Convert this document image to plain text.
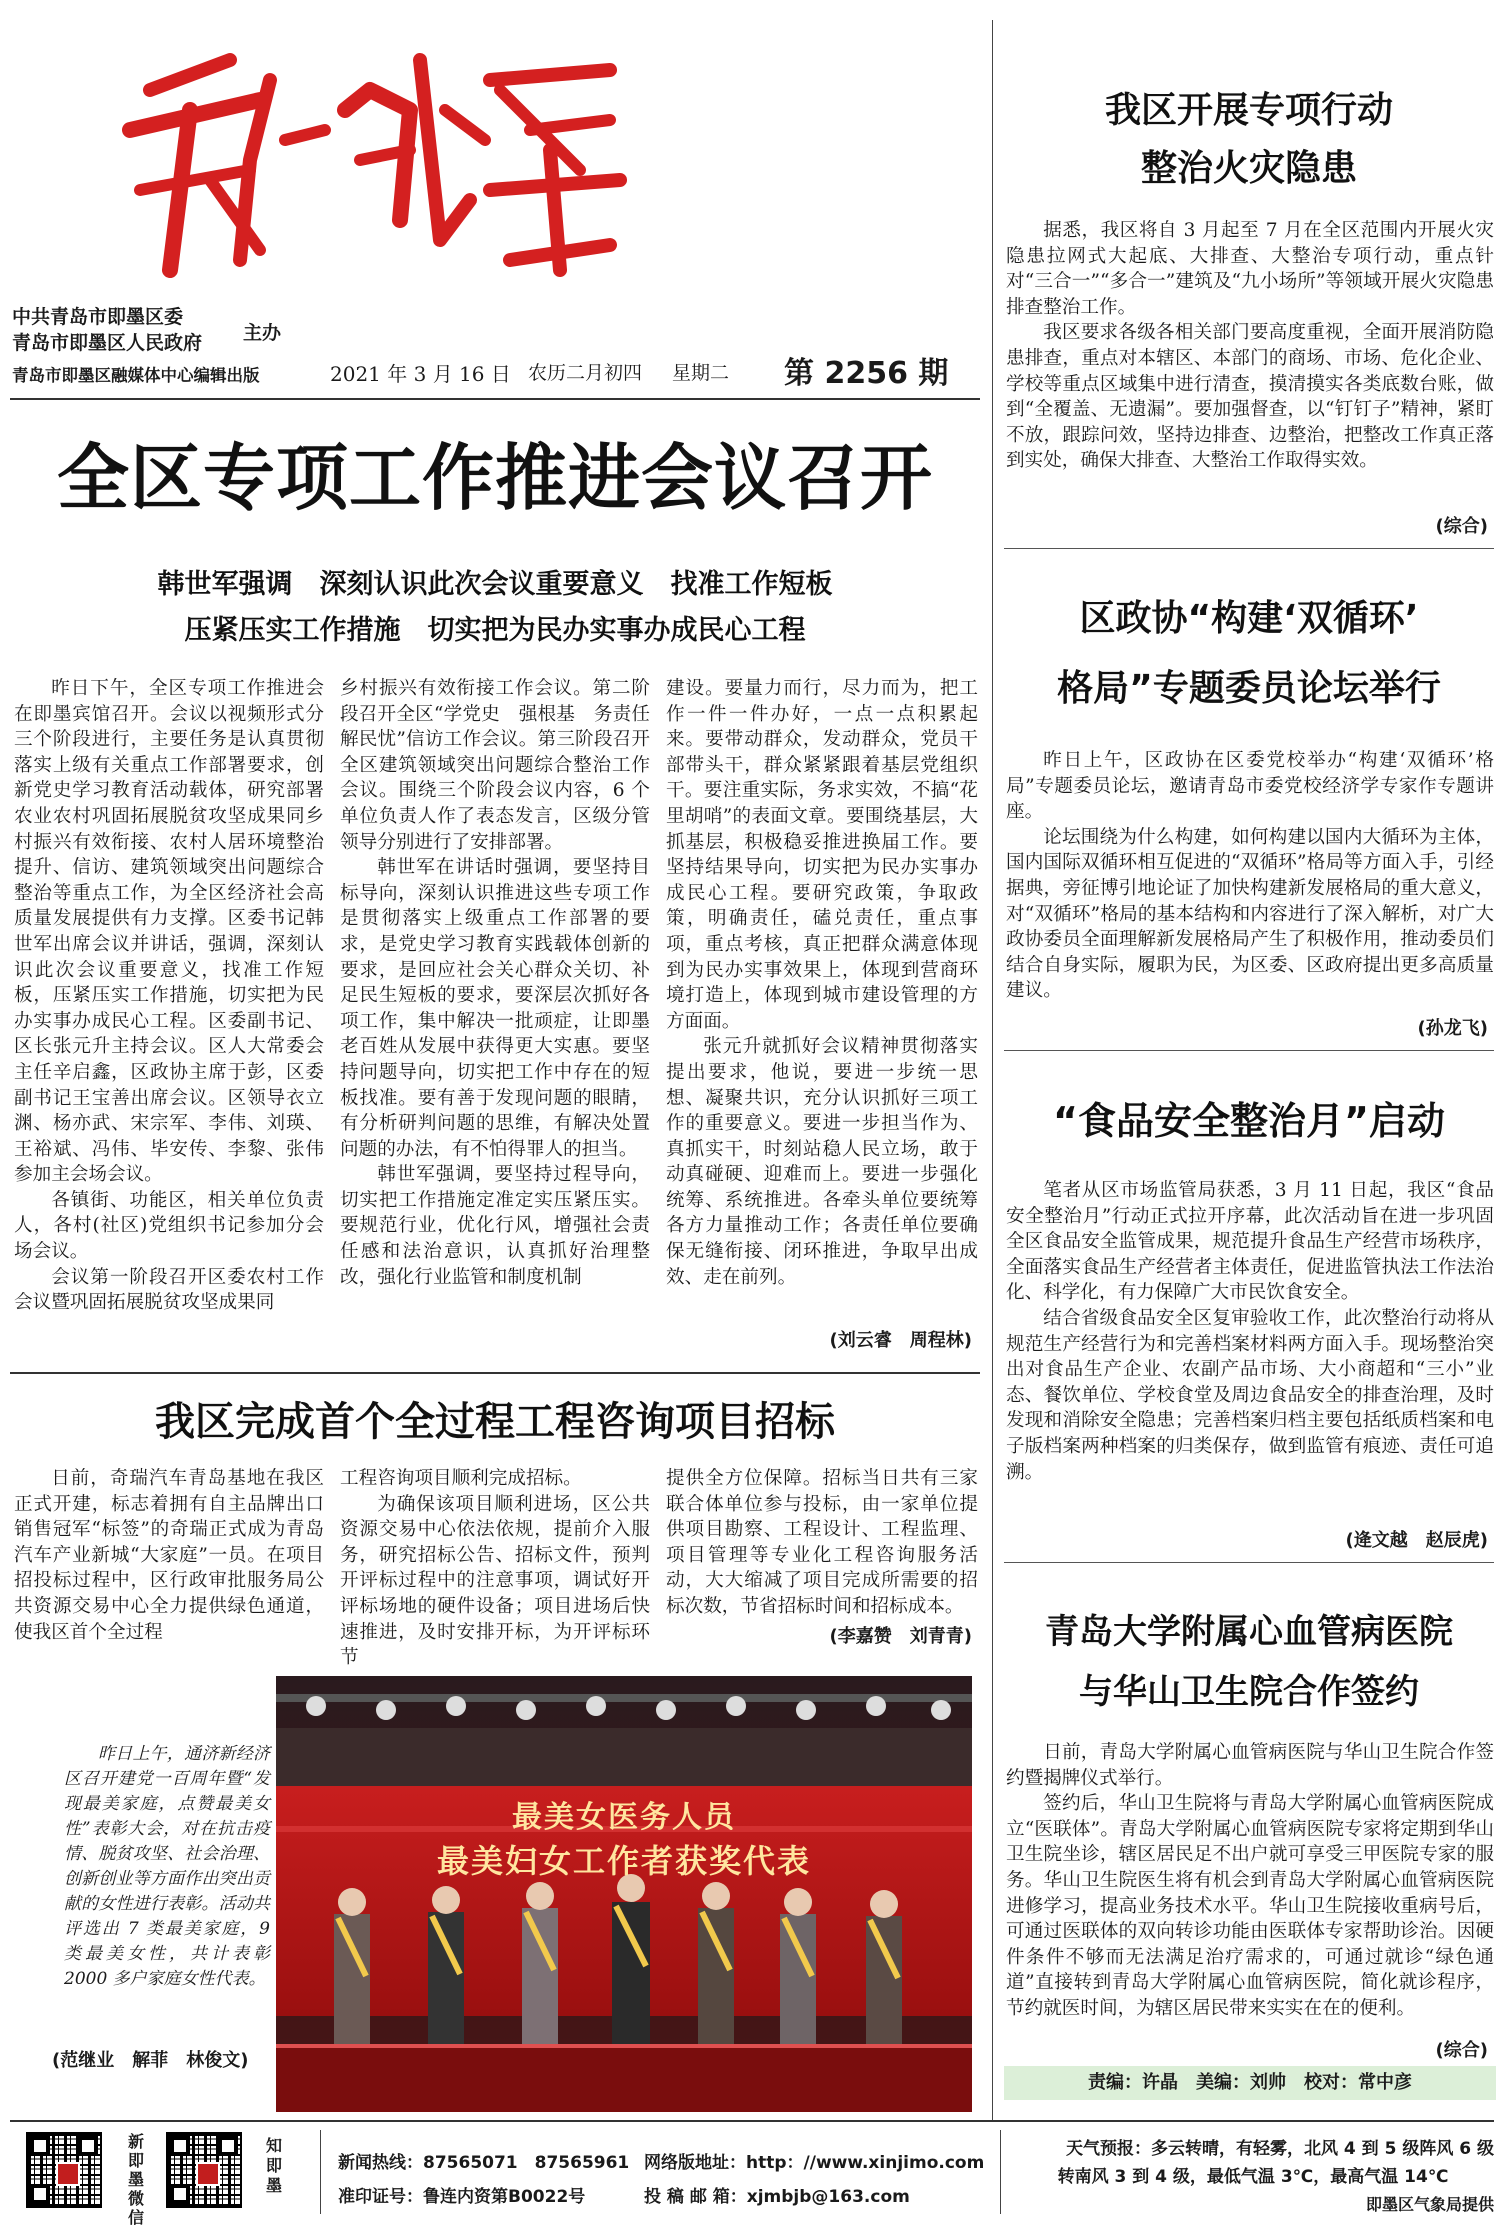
中共青岛市即墨区委
青岛市即墨区人民政府 主办
青岛市即墨区融媒体中心编辑出版	2021 年 3 月 16 日 农历二月初四 星期二 第 2256 期
全区专项工作推进会议召开
韩世军强调　深刻认识此次会议重要意义　找准工作短板
压紧压实工作措施　切实把为民办实事办成民心工程

昨日下午，全区专项工作推进会在即墨宾馆召开。会议以视频形式分三个阶段进行，主要任务是认真贯彻落实上级有关重点工作部署要求，创新党史学习教育活动载体，研究部署农业农村巩固拓展脱贫攻坚成果同乡村振兴有效衔接、农村人居环境整治提升、信访、建筑领域突出问题综合整治等重点工作，为全区经济社会高质量发展提供有力支撑。区委书记韩世军出席会议并讲话，强调，深刻认识此次会议重要意义，找准工作短板，压紧压实工作措施，切实把为民办实事办成民心工程。区委副书记、区长张元升主持会议。区人大常委会主任辛启鑫，区政协主席于彭，区委副书记王宝善出席会议。区领导衣立渊、杨亦武、宋宗军、李伟、刘瑛、王裕斌、冯伟、毕安传、李黎、张伟参加主会场会议。

各镇街、功能区，相关单位负责人，各村(社区)党组织书记参加分会场会议。

会议第一阶段召开区委农村工作会议暨巩固拓展脱贫攻坚成果同

乡村振兴有效衔接工作会议。第二阶段召开全区“学党史　强根基　务责任　解民忧”信访工作会议。第三阶段召开全区建筑领域突出问题综合整治工作会议。围绕三个阶段会议内容，6 个单位负责人作了表态发言，区级分管领导分别进行了安排部署。

韩世军在讲话时强调，要坚持目标导向，深刻认识推进这些专项工作是贯彻落实上级重点工作部署的要求，是党史学习教育实践载体创新的要求，是回应社会关心群众关切、补足民生短板的要求，要深层次抓好各项工作，集中解决一批顽症，让即墨老百姓从发展中获得更大实惠。要坚持问题导向，切实把工作中存在的短板找准。要有善于发现问题的眼睛，有分析研判问题的思维，有解决处置问题的办法，有不怕得罪人的担当。

韩世军强调，要坚持过程导向，切实把工作措施定准定实压紧压实。要规范行业，优化行风，增强社会责任感和法治意识，认真抓好治理整改，强化行业监管和制度机制

建设。要量力而行，尽力而为，把工作一件一件办好，一点一点积累起来。要带动群众，发动群众，党员干部带头干，群众紧紧跟着基层党组织干。要注重实际，务求实效，不搞“花里胡哨”的表面文章。要围绕基层，大抓基层，积极稳妥推进换届工作。要坚持结果导向，切实把为民办实事办成民心工程。要研究政策，争取政策，明确责任，磕兑责任，重点事项，重点考核，真正把群众满意体现到为民办实事效果上，体现到营商环境打造上，体现到城市建设管理的方方面面。

张元升就抓好会议精神贯彻落实提出要求，他说，要进一步统一思想、凝聚共识，充分认识抓好三项工作的重要意义。要进一步担当作为、真抓实干，时刻站稳人民立场，敢于动真碰硬、迎难而上。要进一步强化统筹、系统推进。各牵头单位要统筹各方力量推动工作；各责任单位要确保无缝衔接、闭环推进，争取早出成效、走在前列。

(刘云睿　周程林)
我区完成首个全过程工程咨询项目招标

日前，奇瑞汽车青岛基地在我区正式开建，标志着拥有自主品牌出口销售冠军“标签”的奇瑞正式成为青岛汽车产业新城“大家庭”一员。在项目招投标过程中，区行政审批服务局公共资源交易中心全力提供绿色通道，使我区首个全过程

工程咨询项目顺利完成招标。

为确保该项目顺利进场，区公共资源交易中心依法依规，提前介入服务，研究招标公告、招标文件，预判开评标过程中的注意事项，调试好开评标场地的硬件设备；项目进场后快速推进，及时安排开标，为开评标环节

提供全方位保障。招标当日共有三家联合体单位参与投标，由一家单位提供项目勘察、工程设计、工程监理、项目管理等专业化工程咨询服务活动，大大缩减了项目完成所需要的招标次数，节省招标时间和招标成本。

(李嘉赞　刘青青)

昨日上午，通济新经济区召开建党一百周年暨“发现最美家庭，点赞最美女性”表彰大会，对在抗击疫情、脱贫攻坚、社会治理、创新创业等方面作出突出贡献的女性进行表彰。活动共评选出 7 类最美家庭，9 类最美女性，共计表彰 2000 多户家庭女性代表。

(范继业　解菲　林俊文)
最美女医务人员
最美妇女工作者获奖代表
我区开展专项行动
整治火灾隐患

据悉，我区将自 3 月起至 7 月在全区范围内开展火灾隐患拉网式大起底、大排查、大整治专项行动，重点针对“三合一”“多合一”建筑及“九小场所”等领域开展火灾隐患排查整治工作。

我区要求各级各相关部门要高度重视，全面开展消防隐患排查，重点对本辖区、本部门的商场、市场、危化企业、学校等重点区域集中进行清查，摸清摸实各类底数台账，做到“全覆盖、无遗漏”。要加强督查，以“钉钉子”精神，紧盯不放，跟踪问效，坚持边排查、边整治，把整改工作真正落到实处，确保大排查、大整治工作取得实效。

(综合)
区政协“构建‘双循环’
格局”专题委员论坛举行

昨日上午，区政协在区委党校举办“构建‘双循环’格局”专题委员论坛，邀请青岛市委党校经济学专家作专题讲座。

论坛围绕为什么构建，如何构建以国内大循环为主体，国内国际双循环相互促进的“双循环”格局等方面入手，引经据典，旁征博引地论证了加快构建新发展格局的重大意义，对“双循环”格局的基本结构和内容进行了深入解析，对广大政协委员全面理解新发展格局产生了积极作用，推动委员们结合自身实际，履职为民，为区委、区政府提出更多高质量建议。

(孙龙飞)
“食品安全整治月”启动

笔者从区市场监管局获悉，3 月 11 日起，我区“食品安全整治月”行动正式拉开序幕，此次活动旨在进一步巩固全区食品安全监管成果，规范提升食品生产经营市场秩序，全面落实食品生产经营者主体责任，促进监管执法工作法治化、科学化，有力保障广大市民饮食安全。

结合省级食品安全区复审验收工作，此次整治行动将从规范生产经营行为和完善档案材料两方面入手。现场整治突出对食品生产企业、农副产品市场、大小商超和“三小”业态、餐饮单位、学校食堂及周边食品安全的排查治理，及时发现和消除安全隐患；完善档案归档主要包括纸质档案和电子版档案两种档案的归类保存，做到监管有痕迹、责任可追溯。

(逄文越　赵辰虎)
青岛大学附属心血管病医院
与华山卫生院合作签约

日前，青岛大学附属心血管病医院与华山卫生院合作签约暨揭牌仪式举行。

签约后，华山卫生院将与青岛大学附属心血管病医院成立“医联体”。青岛大学附属心血管病医院专家将定期到华山卫生院坐诊，辖区居民足不出户就可享受三甲医院专家的服务。华山卫生院医生将有机会到青岛大学附属心血管病医院进修学习，提高业务技术水平。华山卫生院接收重病号后，可通过医联体的双向转诊功能由医联体专家帮助诊治。因硬件条件不够而无法满足治疗需求的，可通过就诊“绿色通道”直接转到青岛大学附属心血管病医院，简化就诊程序，节约就医时间，为辖区居民带来实实在在的便利。

(综合)
责编：许晶　美编：刘帅　校对：常中彦
新即墨微信
知即墨
新闻热线：87565071　87565961
准印证号：鲁连内资第B0022号
网络版地址：http：//www.xinjimo.com
投 稿 邮 箱：xjmbjb@163.com
天气预报：多云转晴，有轻雾，北风 4 到 5 级阵风 6 级
转南风 3 到 4 级，最低气温 3℃，最高气温 14℃
即墨区气象局提供
